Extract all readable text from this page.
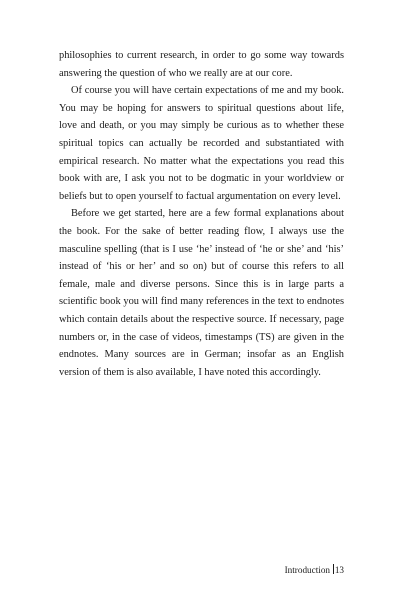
philosophies to current research, in order to go some way towards answering the question of who we really are at our core.

Of course you will have certain expectations of me and my book. You may be hoping for answers to spiritual questions about life, love and death, or you may simply be curious as to whether these spiritual topics can actually be recorded and substantiated with empirical research. No matter what the expectations you read this book with are, I ask you not to be dogmatic in your worldview or beliefs but to open yourself to factual argumentation on every level.

Before we get started, here are a few formal explanations about the book. For the sake of better reading flow, I always use the masculine spelling (that is I use ‘he’ instead of ‘he or she’ and ‘his’ instead of ‘his or her’ and so on) but of course this refers to all female, male and diverse persons. Since this is in large parts a scientific book you will find many references in the text to endnotes which contain details about the respective source. If necessary, page numbers or, in the case of videos, timestamps (TS) are given in the endnotes. Many sources are in German; insofar as an English version of them is also available, I have noted this accordingly.

Introduction 13
